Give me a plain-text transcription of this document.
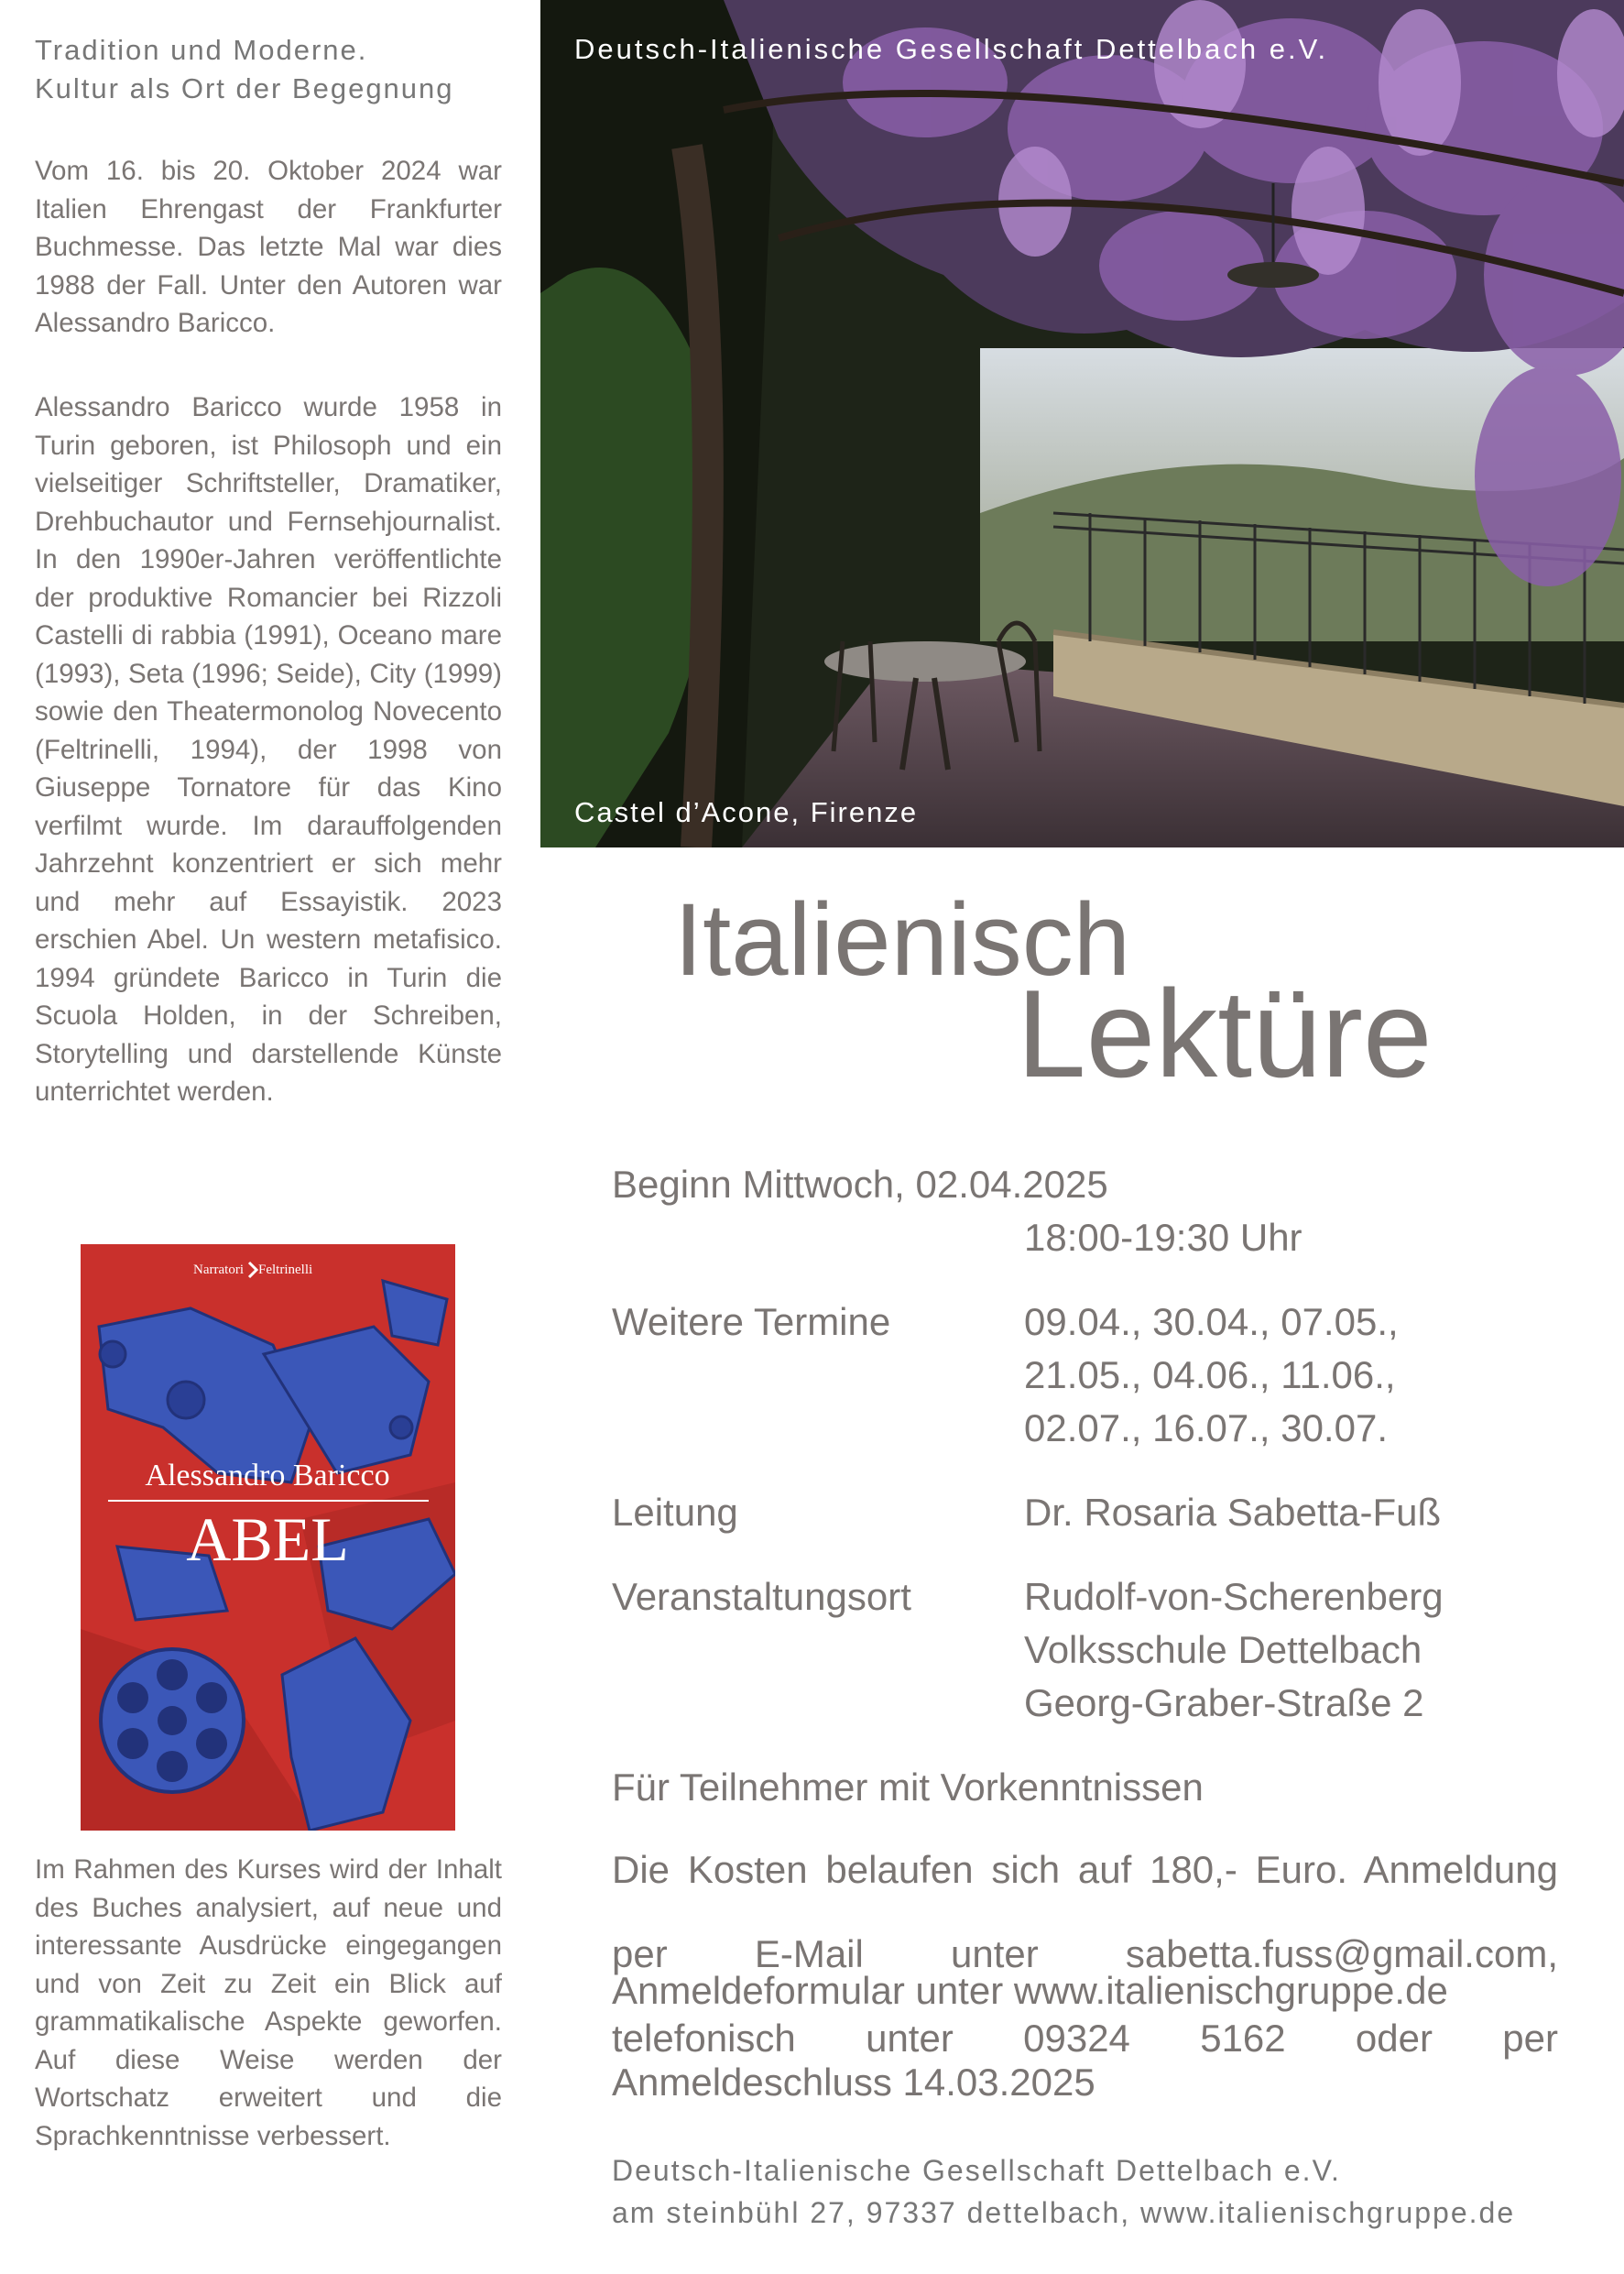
Tradition und Moderne.
Kultur als Ort der Begegnung

Vom 16. bis 20. Oktober 2024 war Italien Ehrengast der Frankfurter Buchmesse. Das letzte Mal war dies 1988 der Fall. Unter den Autoren war Alessandro Baricco.

Alessandro Baricco wurde 1958 in Turin geboren, ist Philosoph und ein vielseitiger Schriftsteller, Dramatiker, Drehbuchautor und Fernsehjournalist. In den 1990er-Jahren veröffentlichte der produktive Romancier bei Rizzoli Castelli di rabbia (1991), Oceano mare (1993), Seta (1996; Seide), City (1999) sowie den Theatermonolog Novecento (Feltrinelli, 1994), der 1998 von Giuseppe Tornatore für das Kino verfilmt wurde. Im darauffolgenden Jahrzehnt konzentriert er sich mehr und mehr auf Essayistik. 2023 erschien Abel. Un western metafisico. 1994 gründete Baricco in Turin die Scuola Holden, in der Schreiben, Storytelling und darstellende Künste unterrichtet werden.

Narratori Feltrinelli
Alessandro Baricco
ABEL

Im Rahmen des Kurses wird der Inhalt des Buches analysiert, auf neue und interessante Ausdrücke eingegangen und von Zeit zu Zeit ein Blick auf grammatikalische Aspekte geworfen. Auf diese Weise werden der Wortschatz erweitert und die Sprachkenntnisse verbessert.

Deutsch-Italienische Gesellschaft Dettelbach e.V.
Castel d’Acone, Firenze
Italienisch
Lektüre
Beginn Mittwoch, 02.04.2025
18:00-19:30 Uhr
Weitere Termine	09.04., 30.04., 07.05.,
21.05., 04.06., 11.06.,
02.07., 16.07., 30.07.
Leitung	Dr. Rosaria Sabetta-Fuß
Veranstaltungsort	Rudolf-von-Scherenberg
Volksschule Dettelbach
Georg-Graber-Straße 2
Für Teilnehmer mit Vorkenntnissen

Die Kosten belaufen sich auf 180,- Euro. Anmeldung

per E-Mail unter sabetta.fuss@gmail.com,

telefonisch unter 09324 5162 oder per

Anmeldeformular unter www.italienischgruppe.de
Anmeldeschluss 14.03.2025
Deutsch-Italienische Gesellschaft Dettelbach e.V.
am steinbühl 27, 97337 dettelbach, www.italienischgruppe.de
